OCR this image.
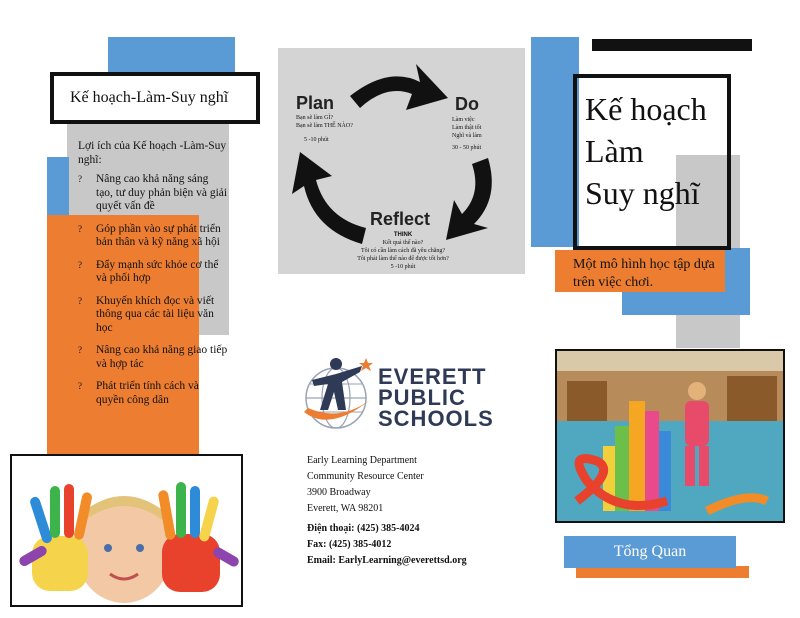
Kế hoạch-Làm-Suy nghĩ
Lợi ích của Kế hoạch -Làm-Suy nghĩ:
? Nâng cao khả năng sáng tạo, tư duy phản biện và giải quyết vấn đề
? Góp phần vào sự phát triển bản thân và kỹ năng xã hội
? Đẩy mạnh sức khỏe cơ thể và phối hợp
? Khuyến khích đọc và viết thông qua các tài liệu văn học
? Nâng cao khả năng giao tiếp và hợp tác
? Phát triển tính cách và quyền công dân
Plan
Bạn sẽ làm GÌ?
Bạn sẽ làm THẾ NÀO?
5 -10 phút
Do
Làm việc
Làm thật tốt
Nghĩ và làm
30 - 50 phút
Reflect
THINK
Kết quả thế nào?
Tôi có cần làm cách đã yêu chăng?
Tôi phải làm thế nào để được tốt hơn?
5 -10 phút
EVERETT
PUBLIC
SCHOOLS
Early Learning Department
Community Resource Center
3900 Broadway
Everett, WA 98201
Điện thoại: (425) 385-4024
Fax: (425) 385-4012
Email: EarlyLearning@everettsd.org
Một mô hình học tập dựa trên việc chơi.
Kế hoạch
Làm
Suy nghĩ
Tổng Quan
